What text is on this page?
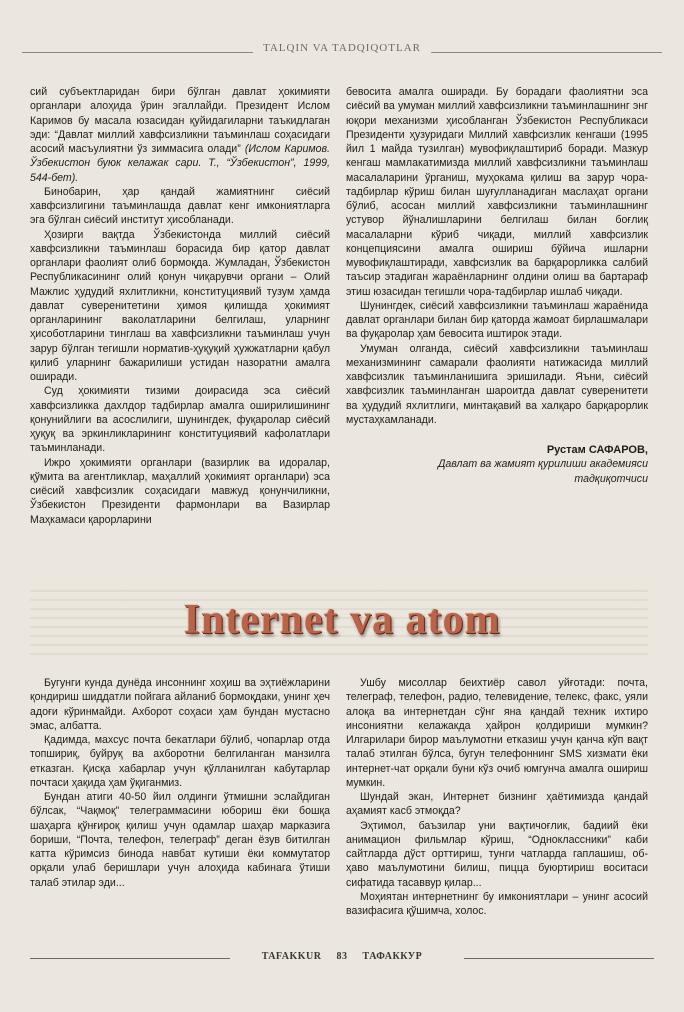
TALQIN VA TADQIQOTLAR

сий субъектларидан бири бўлган давлат ҳокимияти органлари алоҳида ўрин эгаллайди. Президент Ислом Каримов бу масала юзасидан қуйидагиларни таъкидлаган эди: “Давлат миллий хавфсизликни таъминлаш соҳасидаги асосий масъулиятни ўз зиммасига олади” (Ислом Каримов. Ўзбекистон буюк келажак сари. Т., “Ўзбекистон”, 1999, 544-бет).

Бинобарин, ҳар қандай жамиятнинг сиёсий хавфсизлигини таъминлашда давлат кенг имкониятларга эга бўлган сиёсий институт ҳисобланади.

Ҳозирги вақтда Ўзбекистонда миллий сиёсий хавфсизликни таъминлаш борасида бир қатор давлат органлари фаолият олиб бормоқда. Жумладан, Ўзбекистон Республикасининг олий қонун чиқарувчи органи – Олий Мажлис ҳудудий яхлитликни, конституциявий тузум ҳамда давлат суверенитетини ҳимоя қилишда ҳокимият органларининг ваколатларини белгилаш, уларнинг ҳисоботларини тинглаш ва хавфсизликни таъминлаш учун зарур бўлган тегишли норматив-ҳуқуқий ҳужжатларни қабул қилиб уларнинг бажарилиши устидан назоратни амалга оширади.

Суд ҳокимияти тизими доирасида эса сиёсий хавфсизликка дахлдор тадбирлар амалга оширилишининг қонунийлиги ва асослилиги, шунингдек, фуқаролар сиёсий ҳуқуқ ва эркинликларининг конституциявий кафолатлари таъминланади.

Ижро ҳокимияти органлари (вазирлик ва идоралар, қўмита ва агентликлар, маҳаллий ҳокимият органлари) эса сиёсий хавфсизлик соҳасидаги мавжуд қонунчиликни, Ўзбекистон Президенти фармонлари ва Вазирлар Маҳкамаси қарорларини

бевосита амалга оширади. Бу борадаги фаолиятни эса сиёсий ва умуман миллий хавфсизликни таъминлашнинг энг юқори механизми ҳисобланган Ўзбекистон Республикаси Президенти ҳузуридаги Миллий хавфсизлик кенгаши (1995 йил 1 майда тузилган) мувофиқлаштириб боради. Мазкур кенгаш мамлакатимизда миллий хавфсизликни таъминлаш масалаларини ўрганиш, муҳокама қилиш ва зарур чора-тадбирлар кўриш билан шуғулланадиган маслаҳат органи бўлиб, асосан миллий хавфсизликни таъминлашнинг устувор йўналишларини белгилаш билан боғлиқ масалаларни кўриб чиқади, миллий хавфсизлик концепциясини амалга ошириш бўйича ишларни мувофиқлаштиради, хавфсизлик ва барқарорликка салбий таъсир этадиган жараёнларнинг олдини олиш ва бартараф этиш юзасидан тегишли чора-тадбирлар ишлаб чиқади.

Шунингдек, сиёсий хавфсизликни таъминлаш жараёнида давлат органлари билан бир қаторда жамоат бирлашмалари ва фуқаролар ҳам бевосита иштирок этади.

Умуман олганда, сиёсий хавфсизликни таъминлаш механизмининг самарали фаолияти натижасида миллий хавфсизлик таъминланишига эришилади. Яъни, сиёсий хавфсизлик таъминланган шароитда давлат суверенитети ва ҳудудий яхлитлиги, минтақавий ва халқаро барқарорлик мустаҳкамланади.

Рустам САФАРОВ,
Давлат ва жамият қурилиши академияси
тадқиқотчиси
Internet va atom

Бугунги кунда дунёда инсоннинг хоҳиш ва эҳтиёжларини қондириш шиддатли пойгага айланиб бормоқдаки, унинг ҳеч адоғи кўринмайди. Ахборот соҳаси ҳам бундан мустасно эмас, албатта.

Қадимда, махсус почта бекатлари бўлиб, чопарлар отда топшириқ, буйруқ ва ахборотни белгиланган манзилга етказган. Қисқа хабарлар учун қўлланилган кабутарлар почтаси ҳақида ҳам ўқиганмиз.

Бундан атиги 40-50 йил олдинги ўтмишни эслайдиган бўлсак, “Чақмоқ” телеграммасини юбориш ёки бошқа шаҳарга қўнғироқ қилиш учун одамлар шаҳар марказига бориши, “Почта, телефон, телеграф” деган ёзув битилган катта кўримсиз бинода навбат кутиши ёки коммутатор орқали улаб беришлари учун алоҳида кабинага ўтиши талаб этилар эди...

Ушбу мисоллар беихтиёр савол уйғотади: почта, телеграф, телефон, радио, телевидение, телекс, факс, уяли алоқа ва интернетдан сўнг яна қандай техник ихтиро инсониятни келажакда ҳайрон қолдириши мумкин? Илгарилари бирор маълумотни етказиш учун қанча кўп вақт талаб этилган бўлса, бугун телефоннинг SMS хизмати ёки интернет-чат орқали буни кўз очиб юмгунча амалга ошириш мумкин.

Шундай экан, Интернет бизнинг ҳаётимизда қандай аҳамият касб этмоқда?

Эҳтимол, баъзилар уни вақтичоғлик, бадиий ёки анимацион фильмлар кўриш, “Одноклассники” каби сайтларда дўст орттириш, тунги чатларда гаплашиш, об-ҳаво маълумотини билиш, пицца буюртириш воситаси сифатида тасаввур қилар...

Моҳиятан интернетнинг бу имкониятлари – унинг асосий вазифасига қўшимча, холос.

TAFAKKUR 83 ТАФАККУР
